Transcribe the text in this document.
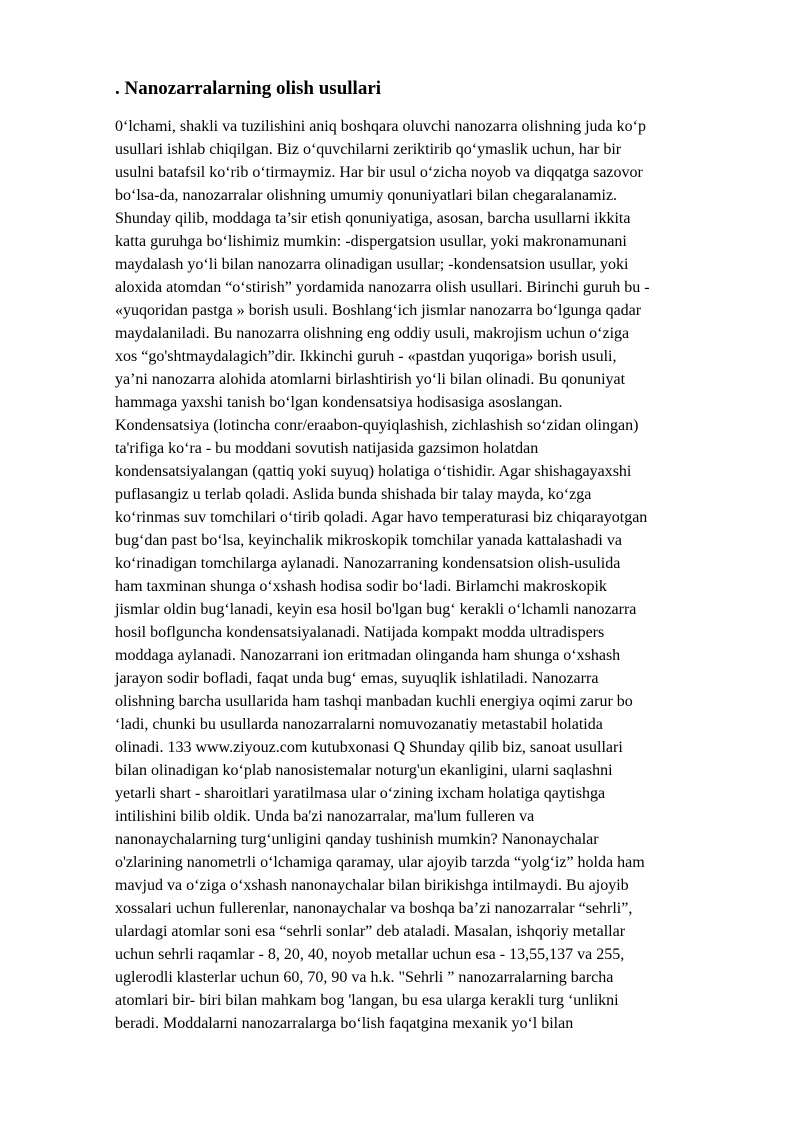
. Nanozarralarning olish usullari
0‘lchami, shakli va tuzilishini aniq boshqara oluvchi nanozarra olishning juda ko‘p
usullari ishlab chiqilgan. Biz o‘quvchilarni zeriktirib qo‘ymaslik uchun, har bir
usulni batafsil ko‘rib o‘tirmaymiz. Har bir usul o‘zicha noyob va diqqatga sazovor
bo‘lsa-da, nanozarralar olishning umumiy qonuniyatlari bilan chegaralanamiz.
Shunday qilib, moddaga ta’sir etish qonuniyatiga, asosan, barcha usullarni ikkita
katta guruhga bo‘lishimiz mumkin: -dispergatsion usullar, yoki makronamunani
maydalash yo‘li bilan nanozarra olinadigan usullar; -kondensatsion usullar, yoki
aloxida atomdan “o‘stirish” yordamida nanozarra olish usullari. Birinchi guruh bu -
«yuqoridan pastga » borish usuli. Boshlang‘ich jismlar nanozarra bo‘lgunga qadar
maydalaniladi. Bu nanozarra olishning eng oddiy usuli, makrojism uchun o‘ziga
xos “go'shtmaydalagich”dir. Ikkinchi guruh - «pastdan yuqoriga» borish usuli,
ya’ni nanozarra alohida atomlarni birlashtirish yo‘li bilan olinadi. Bu qonuniyat
hammaga yaxshi tanish bo‘lgan kondensatsiya hodisasiga asoslangan.
Kondensatsiya (lotincha conr/eraabon-quyiqlashish, zichlashish so‘zidan olingan)
ta'rifiga ko‘ra - bu moddani sovutish natijasida gazsimon holatdan
kondensatsiyalangan (qattiq yoki suyuq) holatiga o‘tishidir. Agar shishagayaxshi
puflasangiz u terlab qoladi. Aslida bunda shishada bir talay mayda, ko‘zga
ko‘rinmas suv tomchilari o‘tirib qoladi. Agar havo temperaturasi biz chiqarayotgan
bug‘dan past bo‘lsa, keyinchalik mikroskopik tomchilar yanada kattalashadi va
ko‘rinadigan tomchilarga aylanadi. Nanozarraning kondensatsion olish-usulida
ham taxminan shunga o‘xshash hodisa sodir bo‘ladi. Birlamchi makroskopik
jismlar oldin bug‘lanadi, keyin esa hosil bo'lgan bug‘ kerakli o‘lchamli nanozarra
hosil boflguncha kondensatsiyalanadi. Natijada kompakt modda ultradispers
moddaga aylanadi. Nanozarrani ion eritmadan olinganda ham shunga o‘xshash
jarayon sodir bofladi, faqat unda bug‘ emas, suyuqlik ishlatiladi. Nanozarra
olishning barcha usullarida ham tashqi manbadan kuchli energiya oqimi zarur bo
‘ladi, chunki bu usullarda nanozarralarni nomuvozanatiy metastabil holatida
olinadi. 133 www.ziyouz.com kutubxonasi Q Shunday qilib biz, sanoat usullari
bilan olinadigan ko‘plab nanosistemalar noturg'un ekanligini, ularni saqlashni
yetarli shart - sharoitlari yaratilmasa ular o‘zining ixcham holatiga qaytishga
intilishini bilib oldik. Unda ba'zi nanozarralar, ma'lum fulleren va
nanonaychalarning turg‘unligini qanday tushinish mumkin? Nanonaychalar
o'zlarining nanometrli o‘lchamiga qaramay, ular ajoyib tarzda “yolg‘iz” holda ham
mavjud va o‘ziga o‘xshash nanonaychalar bilan birikishga intilmaydi. Bu ajoyib
xossalari uchun fullerenlar, nanonaychalar va boshqa ba’zi nanozarralar “sehrli”,
ulardagi atomlar soni esa “sehrli sonlar” deb ataladi. Masalan, ishqoriy metallar
uchun sehrli raqamlar - 8, 20, 40, noyob metallar uchun esa - 13,55,137 va 255,
uglerodli klasterlar uchun 60, 70, 90 va h.k. "Sehrli ” nanozarralarning barcha
atomlari bir- biri bilan mahkam bog 'langan, bu esa ularga kerakli turg ‘unlikni
beradi. Moddalarni nanozarralarga bo‘lish faqatgina mexanik yo‘l bilan
